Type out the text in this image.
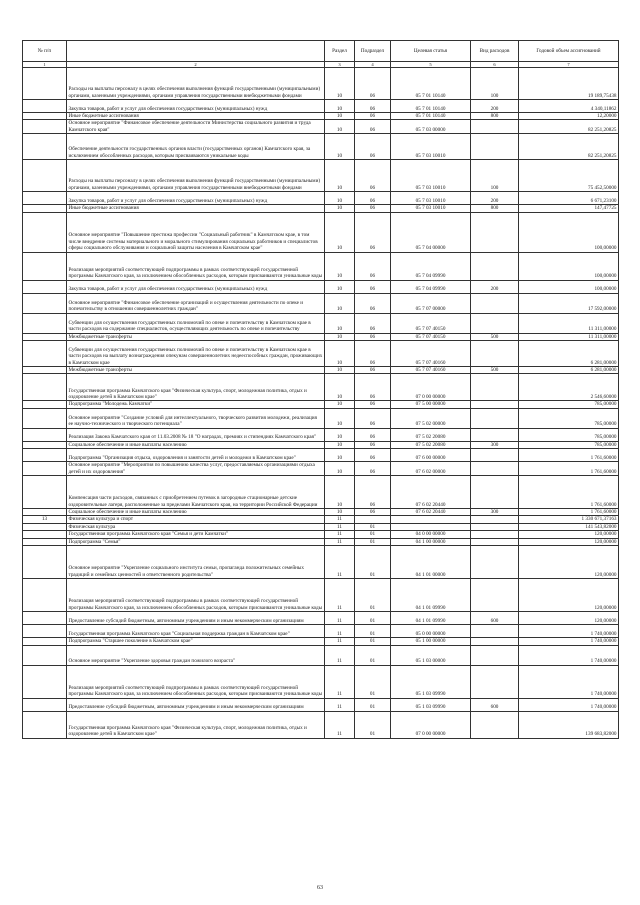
№ п/п		Раздел	Подраздел	Целевая статья	Вид расходов	Годовой объем ассигнований
1	2	3	4	5	6	7
	Расходы на выплаты персоналу в целях обеспечения выполнения функций государственными (муниципальными) органами, казенными учреждениями, органами управления государственными внебюджетными фондами	10	06	05 7 01 10140	100	19 189,75438
	Закупка товаров, работ и услуг для обеспечения государственных (муниципальных) нужд	10	06	05 7 01 10140	200	4 340,11862
	Иные бюджетные ассигнования	10	06	05 7 01 10140	800	12,20000
	Основное мероприятие "Финансовое обеспечение деятельности Министерства социального развития и труда Камчатского края"	10	06	05 7 03 00000		82 251,20825
	Обеспечение деятельности государственных органов власти (государственных органов) Камчатского края, за исключением обособленных расходов, которым присваиваются уникальные коды	10	06	05 7 03 10010		82 251,20825
	Расходы на выплаты персоналу в целях обеспечения выполнения функций государственными (муниципальными) органами, казенными учреждениями, органами управления государственными внебюджетными фондами	10	06	05 7 03 10010	100	75 452,50000
	Закупка товаров, работ и услуг для обеспечения государственных (муниципальных) нужд	10	06	05 7 03 10010	200	6 671,23100
	Иные бюджетные ассигнования	10	06	05 7 03 10010	800	147,47725
	Основное мероприятие "Повышение престижа профессии "Социальный работник" в Камчатском крае, в том числе внедрение системы материального и морального стимулирования социальных работников и специалистов сферы социального обслуживания и социальной защиты населения в Камчатском крае"	10	06	05 7 04 00000		100,00000
	Реализация мероприятий соответствующей подпрограммы в рамках соответствующей государственной программы Камчатского края, за исключением обособленных расходов, которым присваиваются уникальные коды	10	06	05 7 04 09990		100,00000
	Закупка товаров, работ и услуг для обеспечения государственных (муниципальных) нужд	10	06	05 7 04 09990	200	100,00000
	Основное мероприятие "Финансовое обеспечение организаций и осуществления деятельности по опеке и попечительству в отношении совершеннолетних граждан"	10	06	05 7 07 00000		17 592,00000
	Субвенции для осуществления государственных полномочий по опеке и попечительству в Камчатском крае в части расходов на содержание специалистов, осуществляющих деятельность по опеке и попечительству	10	06	05 7 07 40150		11 311,00000
	Межбюджетные трансферты	10	06	05 7 07 40150	500	11 311,00000
	Субвенции для осуществления государственных полномочий по опеке и попечительству в Камчатском крае в части расходов на выплату вознаграждения опекунам совершеннолетних недееспособных граждан, проживающих в Камчатском крае	10	06	05 7 07 40160		6 281,00000
	Межбюджетные трансферты	10	06	05 7 07 40160	500	6 281,00000
	Государственная программа Камчатского края "Физическая культура, спорт, молодежная политика, отдых и оздоровление детей в Камчатском крае"	10	06	07 0 00 00000		2 546,60000
	Подпрограмма "Молодежь Камчатки"	10	06	07 5 00 00000		785,00000
	Основное мероприятие "Создание условий для интеллектуального, творческого развития молодежи, реализация ее научно-технического и творческого потенциала"	10	06	07 5 02 00000		785,00000
	Реализация Закона Камчатского края от 11.03.2008 № 18 "О наградах, премиях и стипендиях Камчатского края"	10	06	07 5 02 20080		785,00000
	Социальное обеспечение и иные выплаты населению	10	06	07 5 02 20080	300	785,00000
	Подпрограмма "Организация отдыха, оздоровления и занятости детей и молодежи в Камчатском крае"	10	06	07 6 00 00000		1 761,60000
	Основное мероприятие "Мероприятия по повышению качества услуг, предоставляемых организациями отдыха детей и их оздоровления"	10	06	07 6 02 00000		1 761,60000
	Компенсация части расходов, связанных с приобретением путевок в загородные стационарные детские оздоровительные лагеря, расположенные за пределами Камчатского края, на территории Российской Федерации	10	06	07 6 02 20440		1 761,60000
	Социальное обеспечение и иные выплаты населению	10	06	07 6 02 20440	300	1 761,60000
13	Физическая культура и спорт	11				1 330 671,37163
	Физическая культура	11	01			141 543,82000
	Государственная программа Камчатского края "Семья и дети Камчатки"	11	01	04 0 00 00000		120,00000
	Подпрограмма "Семья"	11	01	04 1 00 00000		120,00000
	Основное мероприятие "Укрепление социального института семьи, пропаганда положительных семейных традиций и семейных ценностей и ответственного родительства"	11	01	04 1 01 00000		120,00000
	Реализация мероприятий соответствующей подпрограммы в рамках соответствующей государственной программы Камчатского края, за исключением обособленных расходов, которым присваиваются уникальные коды	11	01	04 1 01 09990		120,00000
	Предоставление субсидий бюджетным, автономным учреждениям и иным некоммерческим организациям	11	01	04 1 01 09990	600	120,00000
	Государственная программа Камчатского края "Социальная поддержка граждан в Камчатском крае"	11	01	05 0 00 00000		1 740,00000
	Подпрограмма "Старшее поколение в Камчатском крае"	11	01	05 1 00 00000		1 740,00000
	Основное мероприятие "Укрепление здоровья граждан пожилого возраста"	11	01	05 1 03 00000		1 740,00000
	Реализация мероприятий соответствующей подпрограммы в рамках соответствующей государственной программы Камчатского края, за исключением обособленных расходов, которым присваиваются уникальные коды	11	01	05 1 03 09990		1 740,00000
	Предоставление субсидий бюджетным, автономным учреждениям и иным некоммерческим организациям	11	01	05 1 03 09990	600	1 740,00000
	Государственная программа Камчатского края "Физическая культура, спорт, молодежная политика, отдых и оздоровление детей в Камчатском крае"	11	01	07 0 00 00000		139 683,82000
63
